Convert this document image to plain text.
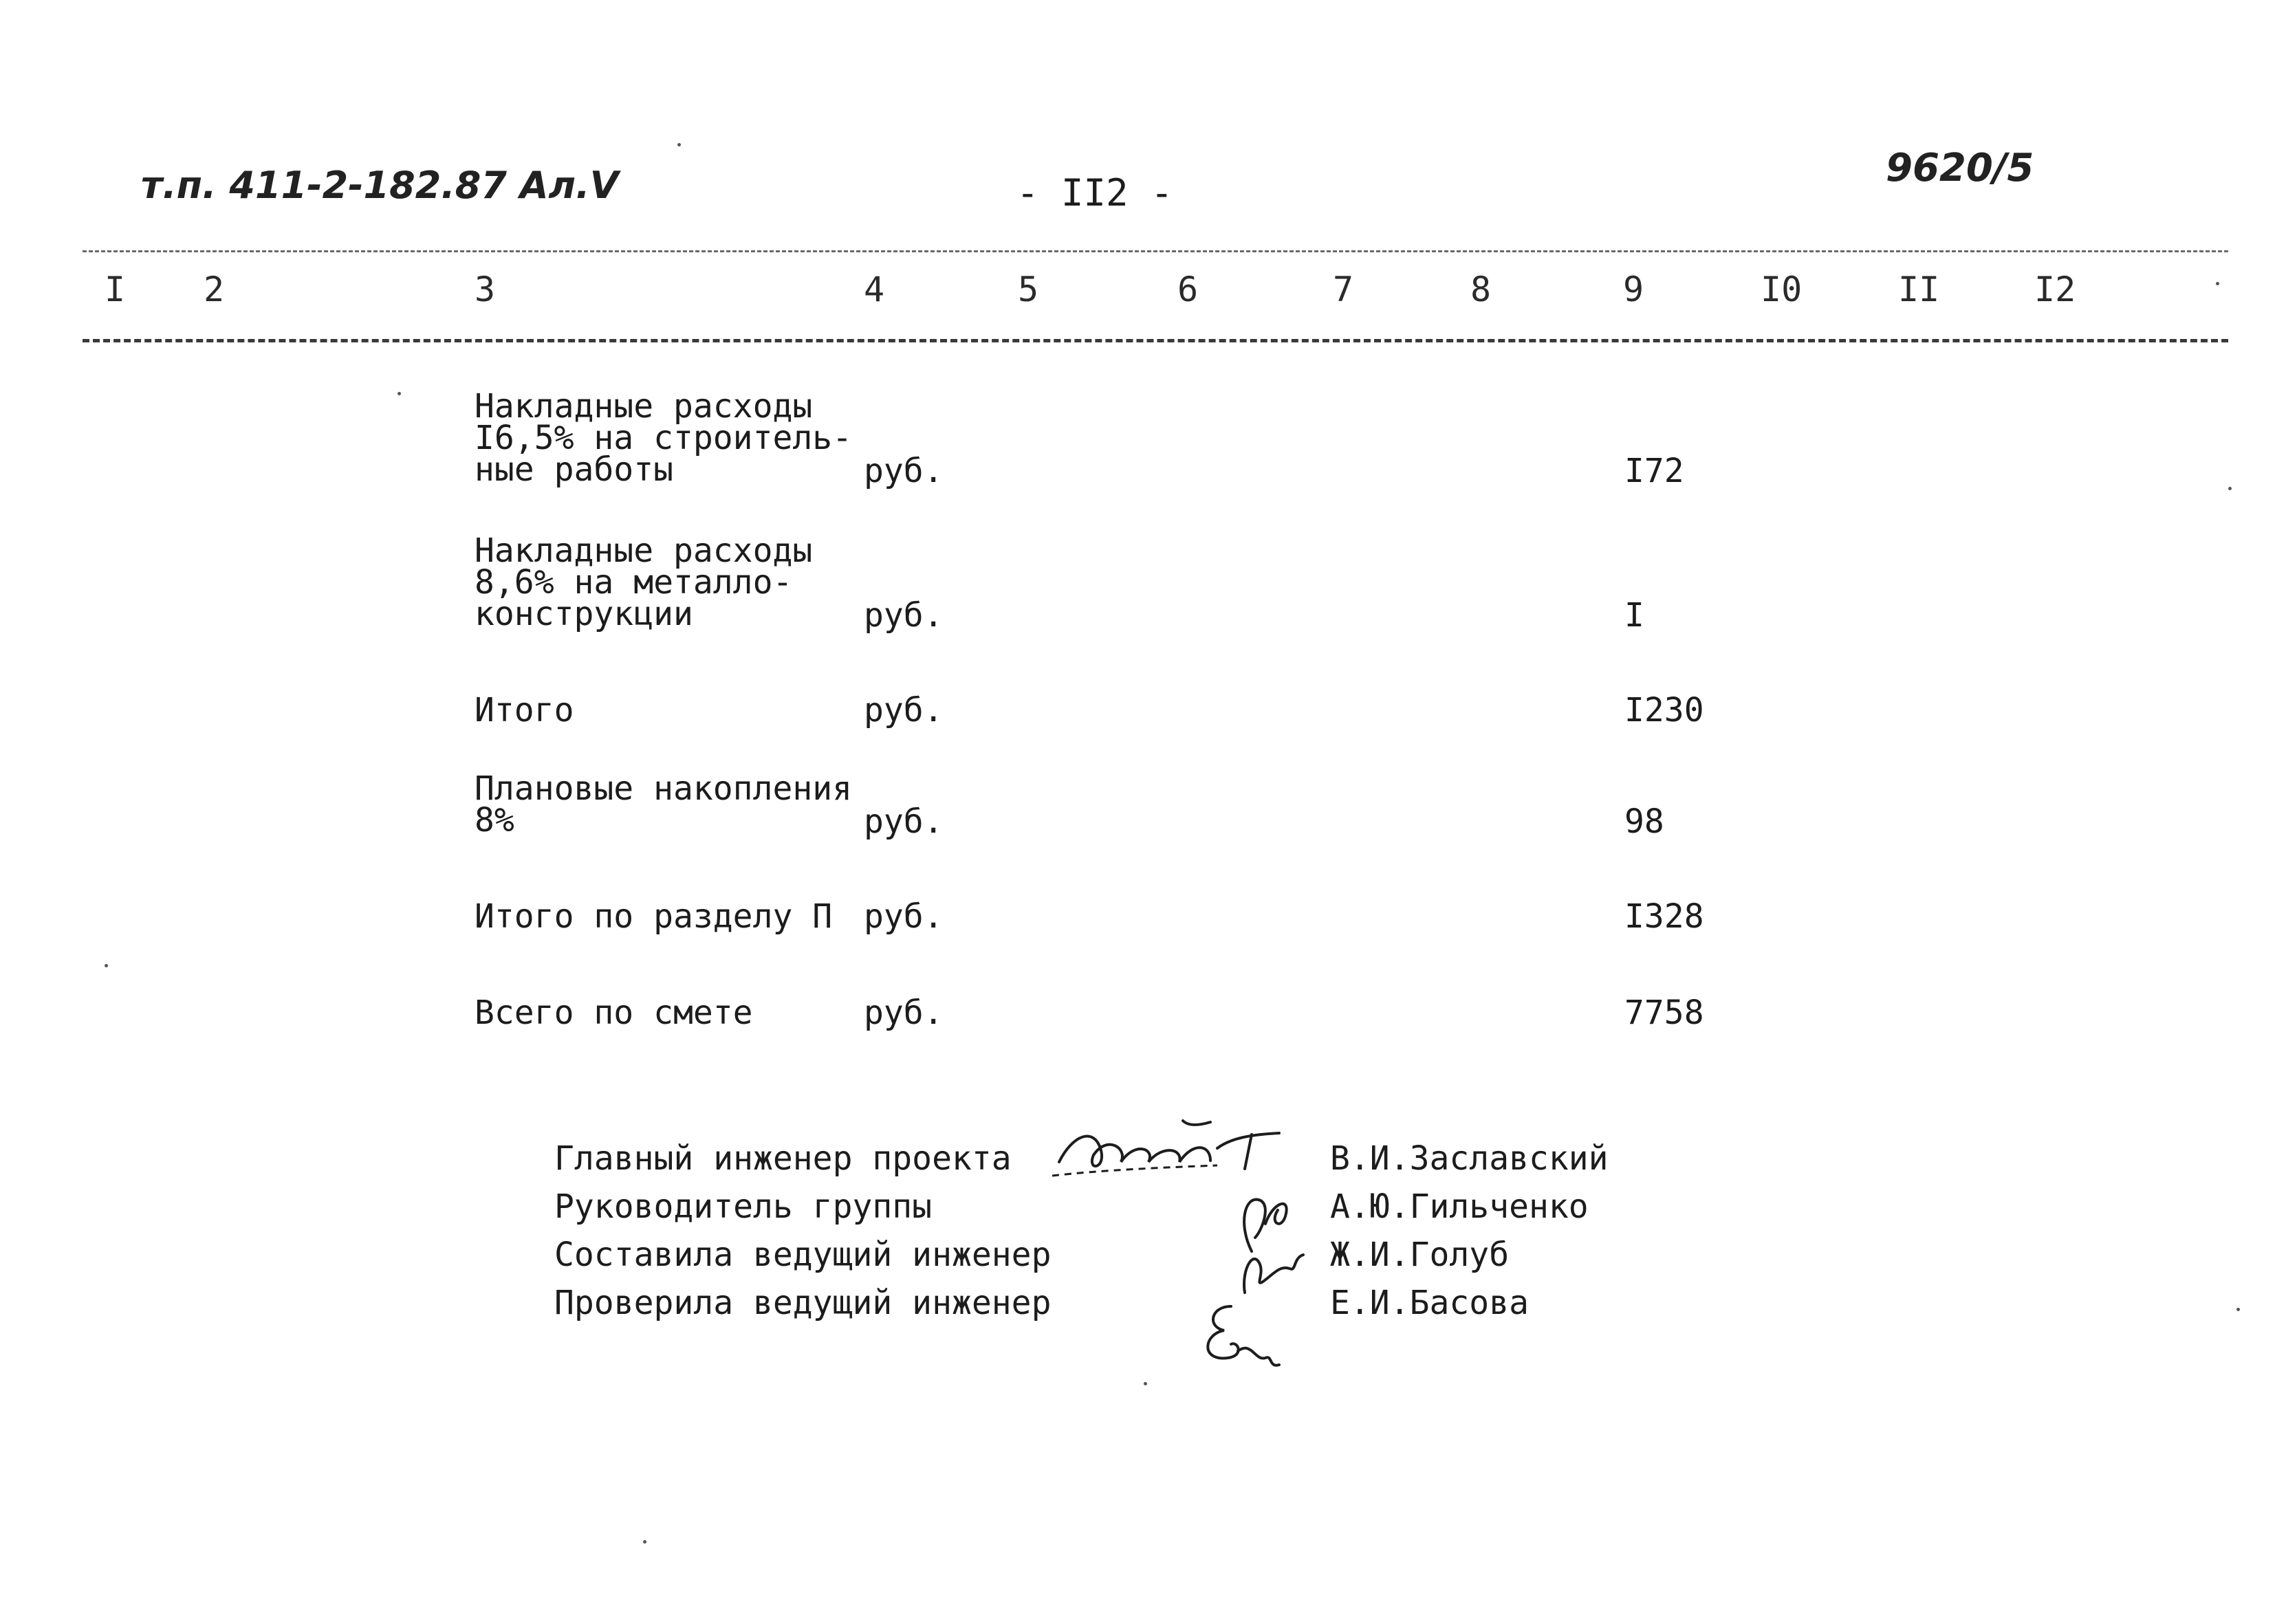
т.п. 411-2-182.87 Ал.V	- II2 -
9620/5
I 2	3	4	5	6	7	8	9	I0	II	I2
Накладные расходы
I6,5% на строитель-
ные работы	руб.	I72
Накладные расходы
8,6% на металло-
конструкции	руб.	I
Итого	руб.	I230
Плановые накопления
8%	руб.	98
Итого по разделу П руб.	I328
Всего по смете	руб.	7758
Главный инженер проекта	В.И.Заславский
Руководитель группы	А.Ю.Гильченко
Составила ведущий инженер	Ж.И.Голуб
Проверила ведущий инженер	Е.И.Басова
